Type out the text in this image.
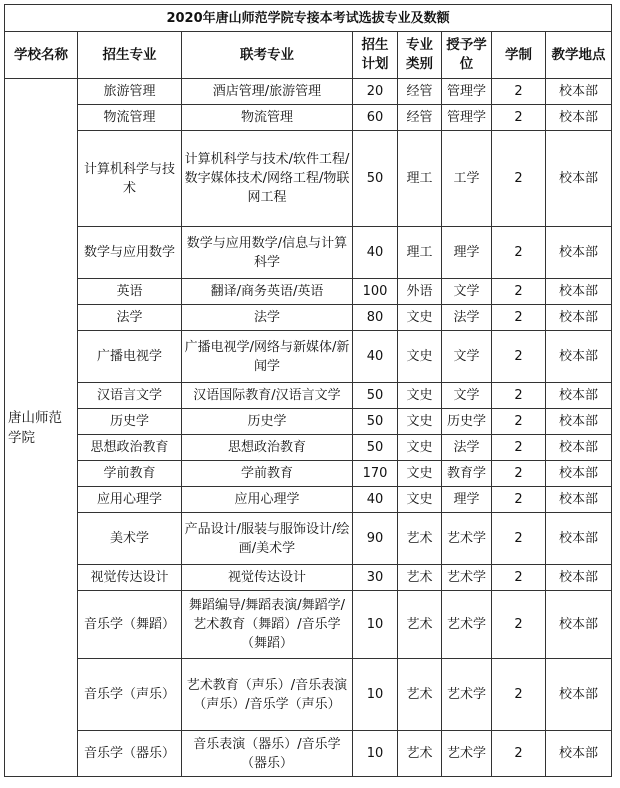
2020年唐山师范学院专接本考试选拔专业及数额							
学校名称	招生专业	联考专业	招生计划	专业类别	授予学位	学制	教学地点
唐山师范学院	旅游管理	酒店管理/旅游管理	20	经管	管理学	2	校本部
	物流管理	物流管理	60	经管	管理学	2	校本部
	计算机科学与技术	计算机科学与技术/软件工程/数字媒体技术/网络工程/物联网工程	50	理工	工学	2	校本部
	数学与应用数学	数学与应用数学/信息与计算科学	40	理工	理学	2	校本部
	英语	翻译/商务英语/英语	100	外语	文学	2	校本部
	法学	法学	80	文史	法学	2	校本部
	广播电视学	广播电视学/网络与新媒体/新闻学	40	文史	文学	2	校本部
	汉语言文学	汉语国际教育/汉语言文学	50	文史	文学	2	校本部
	历史学	历史学	50	文史	历史学	2	校本部
	思想政治教育	思想政治教育	50	文史	法学	2	校本部
	学前教育	学前教育	170	文史	教育学	2	校本部
	应用心理学	应用心理学	40	文史	理学	2	校本部
	美术学	产品设计/服装与服饰设计/绘画/美术学	90	艺术	艺术学	2	校本部
	视觉传达设计	视觉传达设计	30	艺术	艺术学	2	校本部
	音乐学（舞蹈）	舞蹈编导/舞蹈表演/舞蹈学/艺术教育（舞蹈）/音乐学（舞蹈）	10	艺术	艺术学	2	校本部
	音乐学（声乐）	艺术教育（声乐）/音乐表演（声乐）/音乐学（声乐）	10	艺术	艺术学	2	校本部
	音乐学（器乐）	音乐表演（器乐）/音乐学（器乐）	10	艺术	艺术学	2	校本部
